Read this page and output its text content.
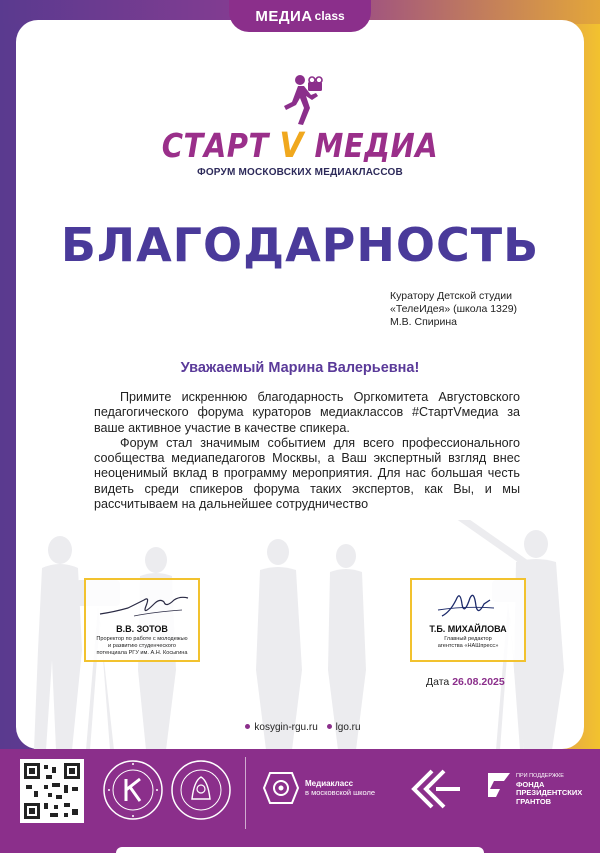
МЕДИА class
СТАРТ V МЕДИА
ФОРУМ МОСКОВСКИХ МЕДИАКЛАССОВ
БЛАГОДАРНОСТЬ
Куратору Детской студии
«ТелеИдея» (школа 1329)
М.В. Спирина
Уважаемый Марина Валерьевна!

Примите искреннюю благодарность Оргкомитета Августовского педагогического форума кураторов медиаклассов #СтартVмедиа за ваше активное участие в качестве спикера.

Форум стал значимым событием для всего профессионального сообщества медиапедагогов Москвы, а Ваш экспертный взгляд внес неоценимый вклад в программу мероприятия. Для нас большая честь видеть среди спикеров форума таких экспертов, как Вы, и мы рассчитываем на дальнейшее сотрудничество

В.В. ЗОТОВ
Проректор по работе с молодежью
и развитию студенческого
потенциала РГУ им. А.Н. Косыгина
Т.Б. МИХАЙЛОВА
Главный редактор
агентства «НАШпресс»
Дата 26.08.2025
kosygin-rgu.ru lgo.ru
Медиакласс
в московской школе
ПРИ ПОДДЕРЖКЕ
ФОНДА
ПРЕЗИДЕНТСКИХ
ГРАНТОВ
